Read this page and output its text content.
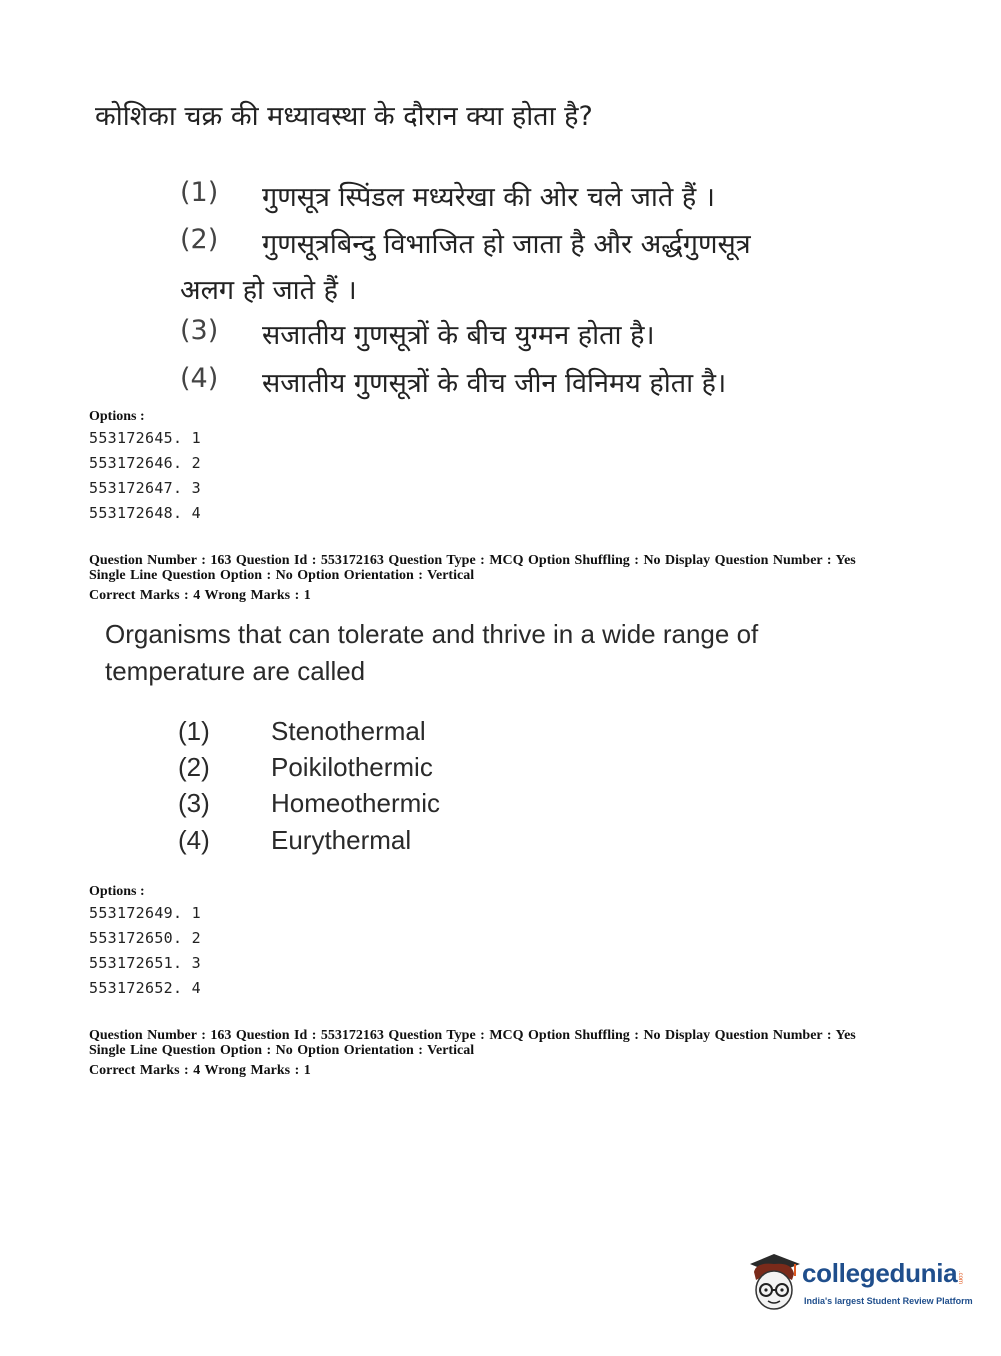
कोशिका चक्र की मध्यावस्था के दौरान क्या होता है?
(1) गुणसूत्र स्पिंडल मध्यरेखा की ओर चले जाते हैं ।
(2) गुणसूत्रबिन्दु विभाजित हो जाता है और अर्द्धगुणसूत्र
अलग हो जाते हैं ।
(3) सजातीय गुणसूत्रों के बीच युग्मन होता है।
(4) सजातीय गुणसूत्रों के वीच जीन विनिमय होता है।
Options :
553172645. 1
553172646. 2
553172647. 3
553172648. 4
Question Number : 163 Question Id : 553172163 Question Type : MCQ Option Shuffling : No Display Question Number : Yes
Single Line Question Option : No Option Orientation : Vertical
Correct Marks : 4 Wrong Marks : 1
Organisms that can tolerate and thrive in a wide range of temperature are called
(1) Stenothermal
(2) Poikilothermic
(3) Homeothermic
(4) Eurythermal
Options :
553172649. 1
553172650. 2
553172651. 3
553172652. 4
Question Number : 163 Question Id : 553172163 Question Type : MCQ Option Shuffling : No Display Question Number : Yes
Single Line Question Option : No Option Orientation : Vertical
Correct Marks : 4 Wrong Marks : 1
collegedunia .com
India's largest Student Review Platform
